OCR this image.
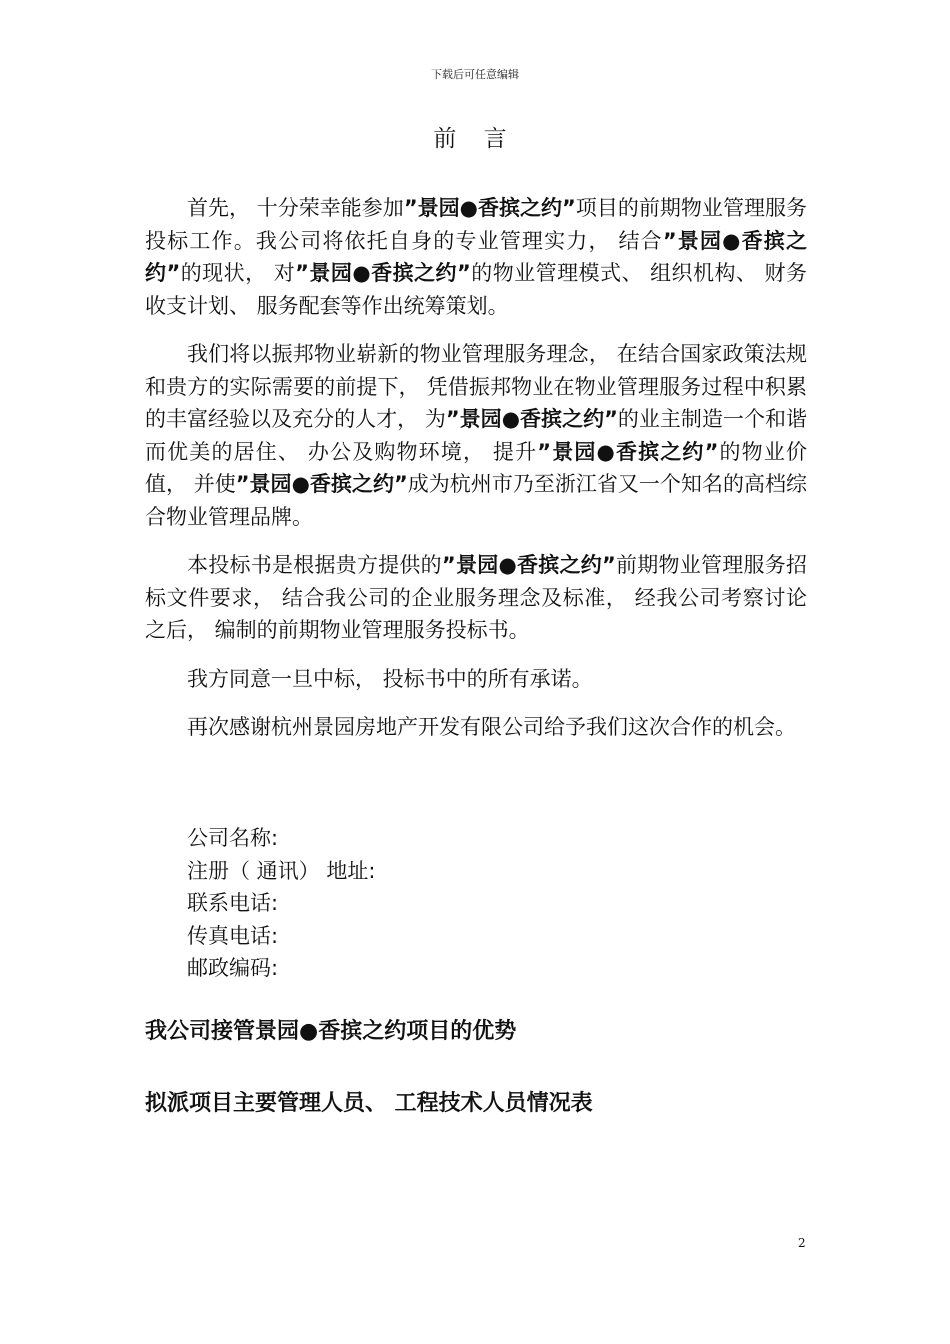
下载后可任意编辑
前 言

首先， 十分荣幸能参加”景园●香摈之约”项目的前期物业管理服务投标工作。我公司将依托自身的专业管理实力， 结合”景园●香摈之约”的现状， 对”景园●香摈之约”的物业管理模式、 组织机构、 财务收支计划、 服务配套等作出统筹策划。

我们将以振邦物业崭新的物业管理服务理念， 在结合国家政策法规和贵方的实际需要的前提下， 凭借振邦物业在物业管理服务过程中积累的丰富经验以及充分的人才， 为”景园●香摈之约”的业主制造一个和谐而优美的居住、 办公及购物环境， 提升”景园●香摈之约”的物业价值， 并使”景园●香摈之约”成为杭州市乃至浙江省又一个知名的高档综合物业管理品牌。

本投标书是根据贵方提供的”景园●香摈之约”前期物业管理服务招标文件要求， 结合我公司的企业服务理念及标准， 经我公司考察讨论之后， 编制的前期物业管理服务投标书。

我方同意一旦中标， 投标书中的所有承诺。

再次感谢杭州景园房地产开发有限公司给予我们这次合作的机会。

公司名称:
注册（ 通讯） 地址:
联系电话:
传真电话:
邮政编码:
我公司接管景园●香摈之约项目的优势
拟派项目主要管理人员、 工程技术人员情况表
2
